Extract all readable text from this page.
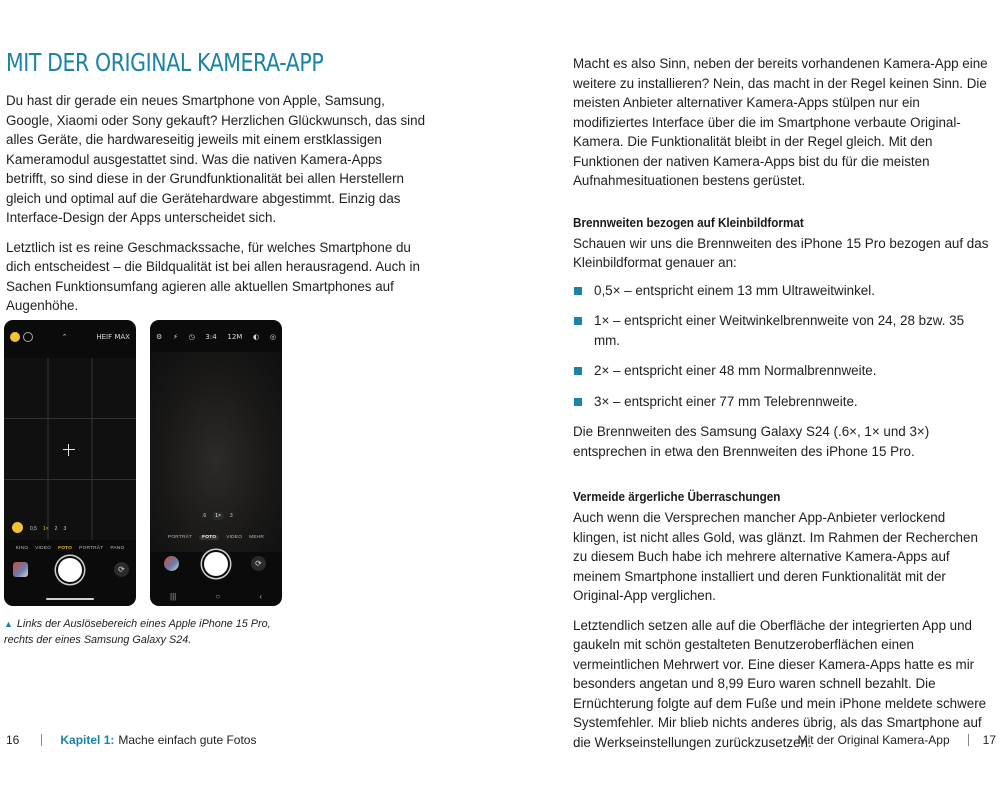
MIT DER ORIGINAL KAMERA-APP

Du hast dir gerade ein neues Smartphone von Apple, Samsung, Google, Xiaomi oder Sony gekauft? Herzlichen Glückwunsch, das sind alles Geräte, die hardwareseitig jeweils mit einem erstklassigen Kameramodul ausgestattet sind. Was die nativen Kamera-Apps betrifft, so sind diese in der Grundfunktionalität bei allen Herstellern gleich und optimal auf die Gerätehardware abgestimmt. Einzig das Interface-Design der Apps unterscheidet sich.

Letztlich ist es reine Geschmackssache, für welches Smartphone du dich entscheidest – die Bildqualität ist bei allen herausragend. Auch in Sachen Funktionsumfang agieren alle aktuellen Smartphones auf Augenhöhe.

⚡	⌃	HEIF MAX
0,5 1× 2 3
KINO VIDEO FOTO PORTRÄT PANO
⟳
⚙ ⚡ ◷ 3:4 12M ◐ ◎
.6	1×	3
PORTRÄT	FOTO	VIDEO MEHR
⟳
|||	○	‹

▲ Links der Auslösebereich eines Apple iPhone 15 Pro, rechts der eines Samsung Galaxy S24.

16	Kapitel 1: Mache einfach gute Fotos

Macht es also Sinn, neben der bereits vorhandenen Kamera-App eine weitere zu installieren? Nein, das macht in der Regel keinen Sinn. Die meisten Anbieter alternativer Kamera-Apps stülpen nur ein modifiziertes Interface über die im Smartphone verbaute Original-Kamera. Die Funktionalität bleibt in der Regel gleich. Mit den Funktionen der nativen Kamera-Apps bist du für die meisten Aufnahmesituationen bestens gerüstet.

Brennweiten bezogen auf Kleinbildformat

Schauen wir uns die Brennweiten des iPhone 15 Pro bezogen auf das Kleinbildformat genauer an:

0,5× – entspricht einem 13 mm Ultraweitwinkel.
1× – entspricht einer Weitwinkelbrennweite von 24, 28 bzw. 35 mm.
2× – entspricht einer 48 mm Normalbrennweite.
3× – entspricht einer 77 mm Telebrennweite.

Die Brennweiten des Samsung Galaxy S24 (.6×, 1× und 3×) entsprechen in etwa den Brennweiten des iPhone 15 Pro.

Vermeide ärgerliche Überraschungen

Auch wenn die Versprechen mancher App-Anbieter verlockend klingen, ist nicht alles Gold, was glänzt. Im Rahmen der Recherchen zu diesem Buch habe ich mehrere alternative Kamera-Apps auf meinem Smartphone installiert und deren Funktionalität mit der Original-App verglichen.

Letztendlich setzen alle auf die Oberfläche der integrierten App und gaukeln mit schön gestalteten Benutzeroberflächen einen vermeintlichen Mehrwert vor. Eine dieser Kamera-Apps hatte es mir besonders angetan und 8,99 Euro waren schnell bezahlt. Die Ernüchterung folgte auf dem Fuße und mein iPhone meldete schwere Systemfehler. Mir blieb nichts anderes übrig, als das Smartphone auf die Werkseinstellungen zurückzusetzen.

Mit der Original Kamera-App	17
